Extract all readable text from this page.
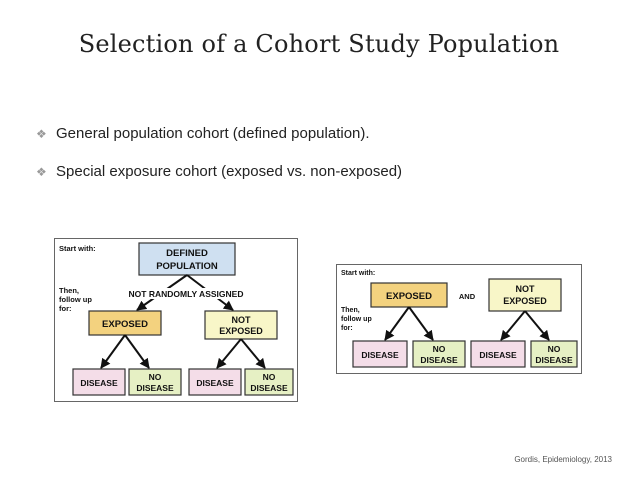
Selection of a Cohort Study Population
❖ General population cohort (defined population).
❖ Special exposure cohort (exposed vs. non-exposed)
Start with:	DEFINED
POPULATION
Then,
follow up
for:
NOT RANDOMLY ASSIGNED
EXPOSED	NOT
EXPOSED
DISEASE
NO
DISEASE	DISEASE
NO
DISEASE
Start with:
EXPOSED	AND
NOT
EXPOSED
Then,
follow up
for:
DISEASE
NO
DISEASE	DISEASE
NO
DISEASE
Gordis, Epidemiology, 2013
